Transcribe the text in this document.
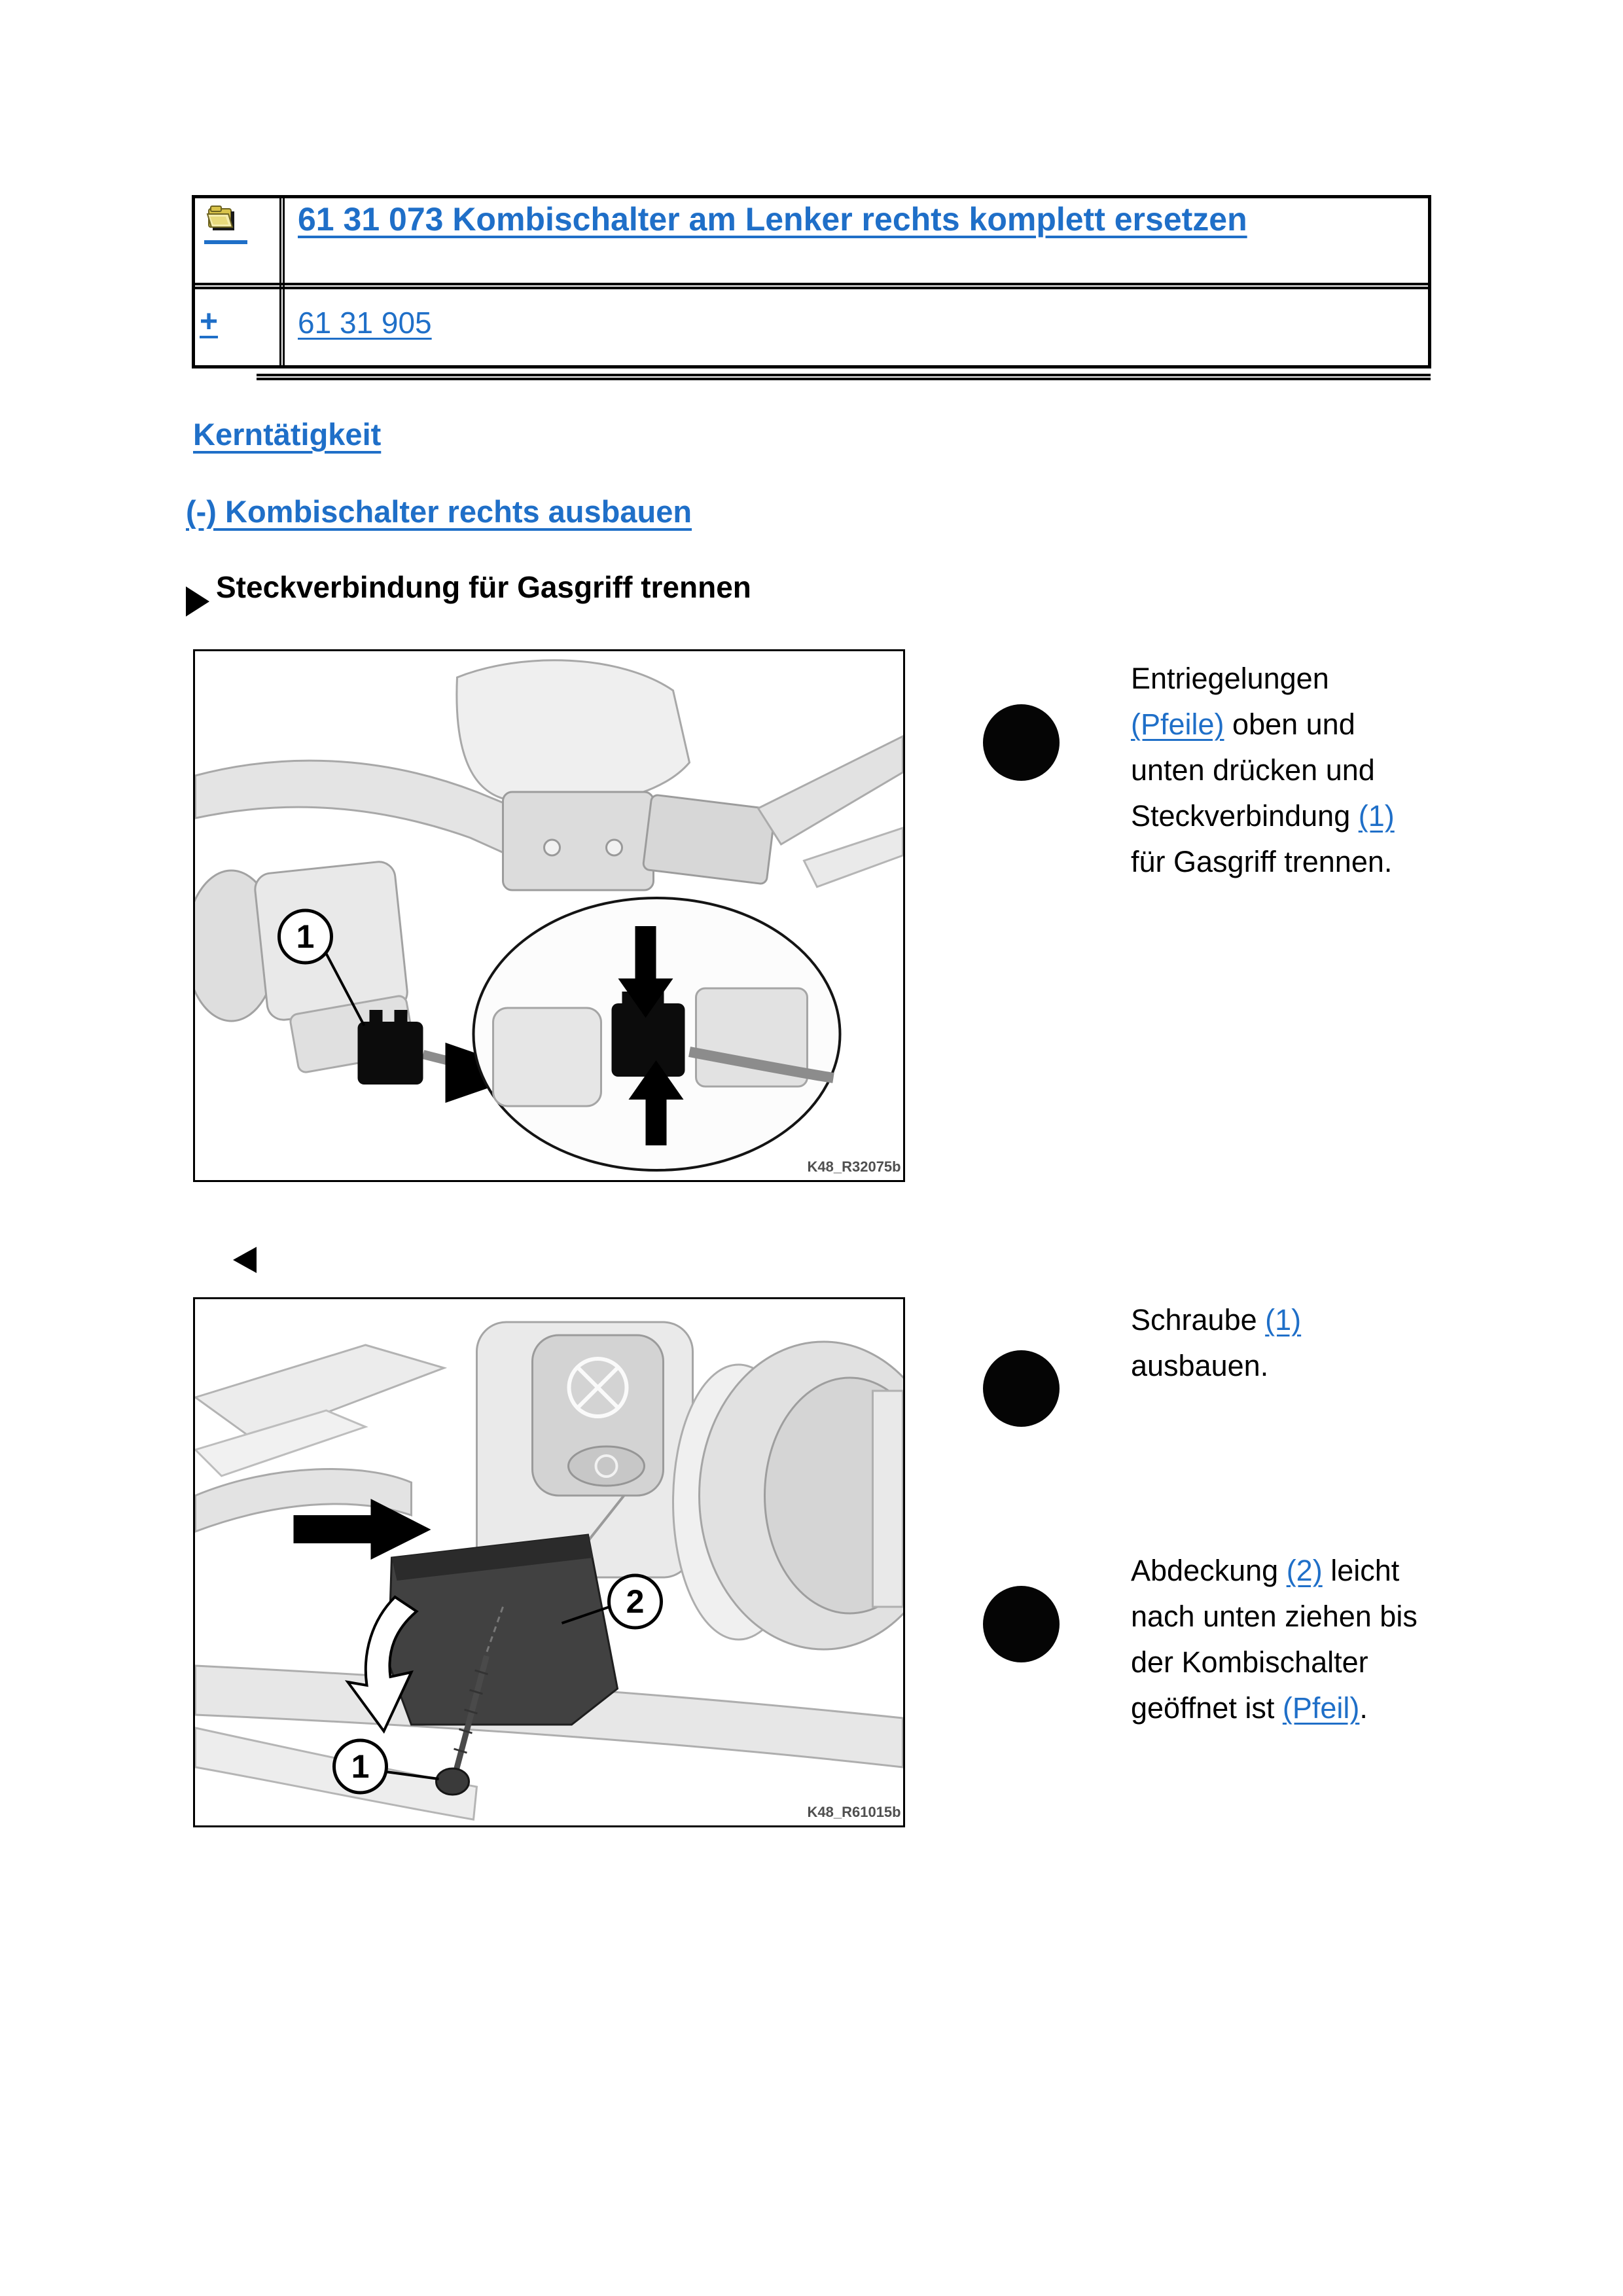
61 31 073 Kombischalter am Lenker rechts komplett ersetzen
+	61 31 905
Kerntätigkeit
(-) Kombischalter rechts ausbauen
Steckverbindung für Gasgriff trennen
1
K48_R32075b
2
1
K48_R61015b
Entriegelungen
(Pfeile) oben und
unten drücken und
Steckverbindung (1)
für Gasgriff trennen.
Schraube (1)
ausbauen.
Abdeckung (2) leicht
nach unten ziehen bis
der Kombischalter
geöffnet ist (Pfeil).
